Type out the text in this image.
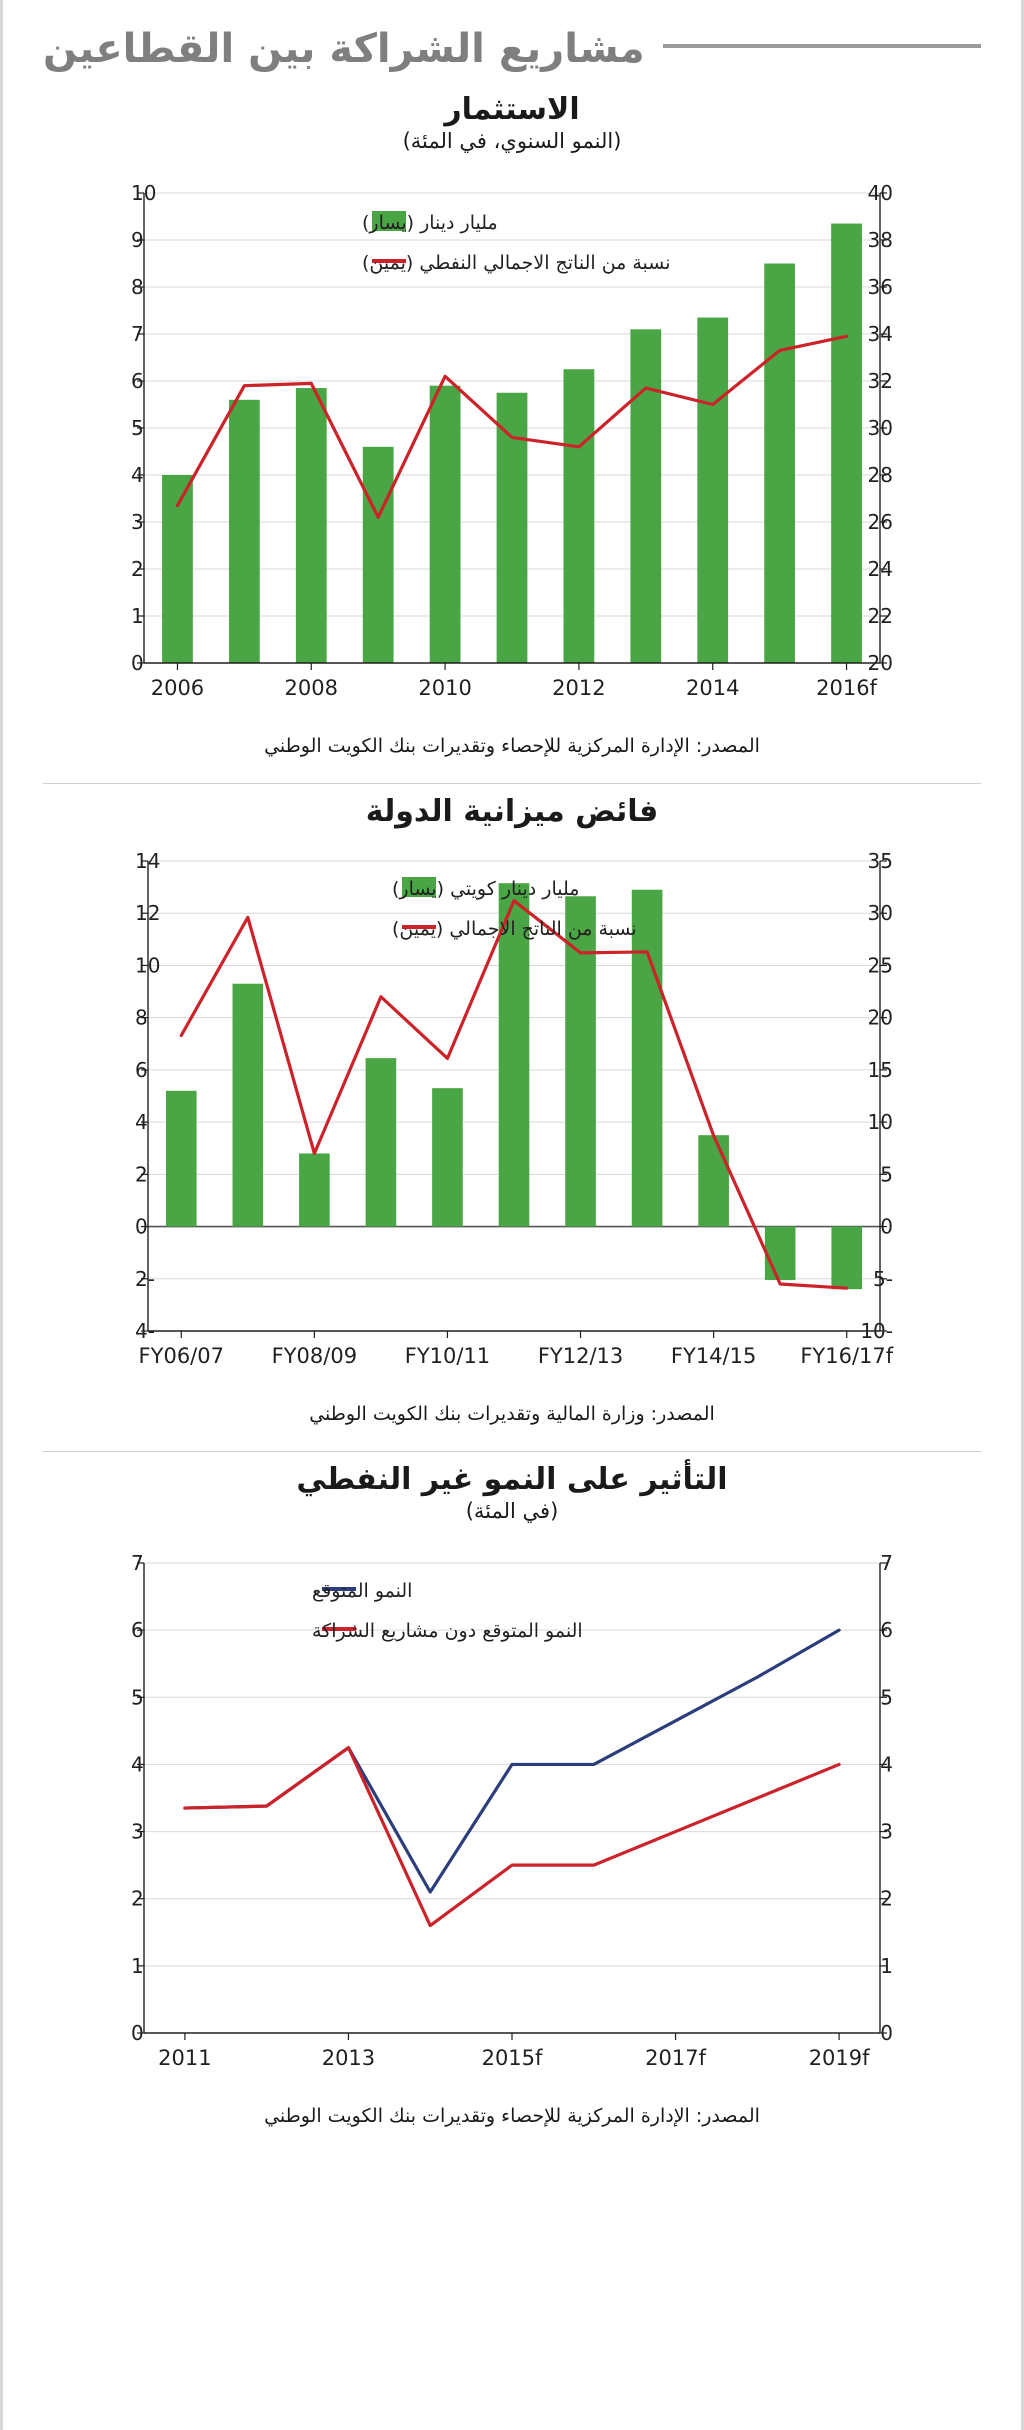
مشاريع الشراكة بين القطاعين
الاستثمار
(النمو السنوي، في المئة)
0
1
2
3
4
5
6
7
8
9
10
20
22
24
26
28
30
32
34
36
38
40
2006	2008	2010	2012	2014	2016f
مليار دينار (يسار)
نسبة من الناتج الاجمالي النفطي (يمين)
المصدر: الإدارة المركزية للإحصاء وتقديرات بنك الكويت الوطني
فائض ميزانية الدولة
-4
-2
0
2
4
6
8
10
12
14
-10
-5
0
5
10
15
20
25
30
35
FY06/07 FY08/09 FY10/11 FY12/13 FY14/15 FY16/17f
مليار دينار كويتي (يسار)
نسبة من الناتج الاجمالي (يمين)
المصدر: وزارة المالية وتقديرات بنك الكويت الوطني
التأثير على النمو غير النفطي
(في المئة)
0
1
2
3
4
5
6
7
0
1
2
3
4
5
6
7
2011	2013	2015f	2017f	2019f
النمو المتوقع
النمو المتوقع دون مشاريع الشراكة
المصدر: الإدارة المركزية للإحصاء وتقديرات بنك الكويت الوطني
